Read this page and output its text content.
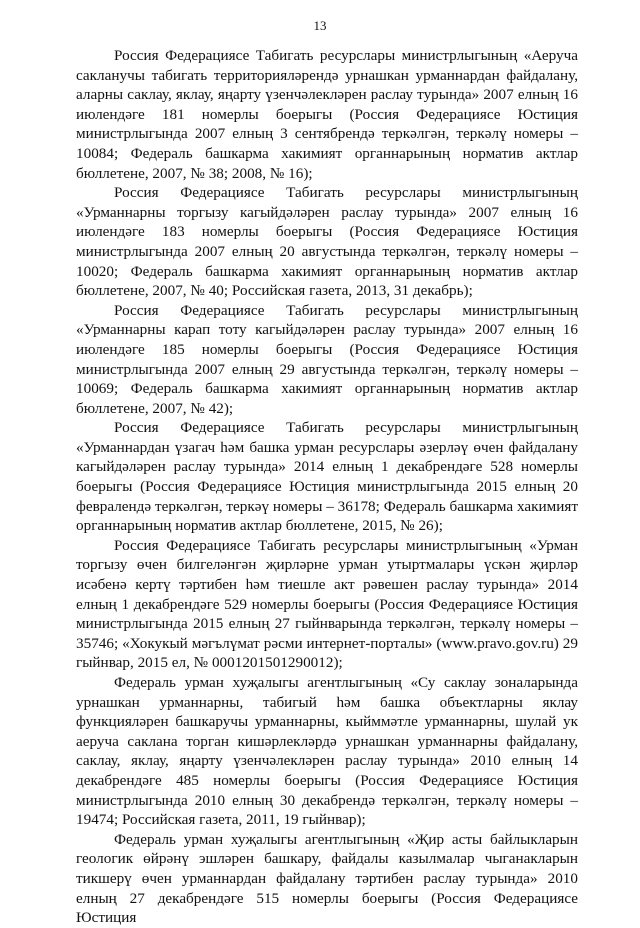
13

Россия Федерациясе Табигать ресурслары министрлыгының «Аеруча сакланучы табигать территорияләрендә урнашкан урманнардан файдалану, аларны саклау, яклау, яңарту үзенчәлекләрен раслау турында» 2007 елның 16 июлендәге 181 номерлы боерыгы (Россия Федерациясе Юстиция министрлыгында 2007 елның 3 сентябрендә теркәлгән, теркәлү номеры – 10084; Федераль башкарма хакимият органнарының норматив актлар бюллетене, 2007, № 38; 2008, № 16);

Россия Федерациясе Табигать ресурслары министрлыгының «Урманнарны торгызу кагыйдәләрен раслау турында» 2007 елның 16 июлендәге 183 номерлы боерыгы (Россия Федерациясе Юстиция министрлыгында 2007 елның 20 августында теркәлгән, теркәлү номеры – 10020; Федераль башкарма хакимият органнарының норматив актлар бюллетене, 2007, № 40; Российская газета, 2013, 31 декабрь);

Россия Федерациясе Табигать ресурслары министрлыгының «Урманнарны карап тоту кагыйдәләрен раслау турында» 2007 елның 16 июлендәге 185 номерлы боерыгы (Россия Федерациясе Юстиция министрлыгында 2007 елның 29 августында теркәлгән, теркәлү номеры – 10069; Федераль башкарма хакимият органнарының норматив актлар бюллетене, 2007, № 42);

Россия Федерациясе Табигать ресурслары министрлыгының «Урманнардан үзагач һәм башка урман ресурслары әзерләү өчен файдалану кагыйдәләрен раслау турында» 2014 елның 1 декабрендәге 528 номерлы боерыгы (Россия Федерациясе Юстиция министрлыгында 2015 елның 20 февралендә теркәлгән, теркәү номеры – 36178; Федераль башкарма хакимият органнарының норматив актлар бюллетене, 2015, № 26);

Россия Федерациясе Табигать ресурслары министрлыгының «Урман торгызу өчен билгеләнгән җирләрне урман утыртмалары үскән җирләр исәбенә кертү тәртибен һәм тиешле акт рәвешен раслау турында» 2014 елның 1 декабрендәге 529 номерлы боерыгы (Россия Федерациясе Юстиция министрлыгында 2015 елның 27 гыйнварында теркәлгән, теркәлү номеры – 35746; «Хокукый мәгълүмат рәсми интернет-порталы» (www.pravo.gov.ru) 29 гыйнвар, 2015 ел, № 0001201501290012);

Федераль урман хуҗалыгы агентлыгының «Су саклау зоналарында урнашкан урманнарны, табигый һәм башка объектларны яклау функцияләрен башкаручы урманнарны, кыйммәтле урманнарны, шулай ук аеруча саклана торган кишәрлекләрдә урнашкан урманнарны файдалану, саклау, яклау, яңарту үзенчәлекләрен раслау турында» 2010 елның 14 декабрендәге 485 номерлы боерыгы (Россия Федерациясе Юстиция министрлыгында 2010 елның 30 декабрендә теркәлгән, теркәлү номеры –19474; Российская газета, 2011, 19 гыйнвар);

Федераль урман хуҗалыгы агентлыгының «Җир асты байлыкларын геологик өйрәнү эшләрен башкару, файдалы казылмалар чыганакларын тикшерү өчен урманнардан файдалану тәртибен раслау турында» 2010 елның 27 декабрендәге 515 номерлы боерыгы (Россия Федерациясе Юстиция
